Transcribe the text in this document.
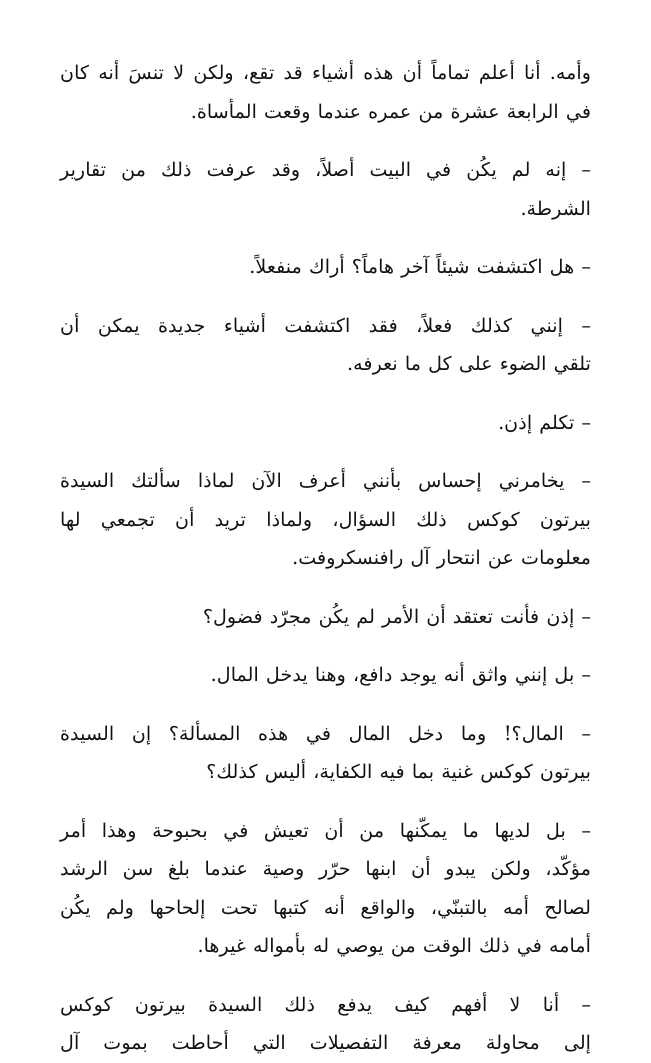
وأمه. أنا أعلم تماماً أن هذه أشياء قد تقع، ولكن لا تنسَ أنه كان
في الرابعة عشرة من عمره عندما وقعت المأساة.

– إنه لم يكُن في البيت أصلاً، وقد عرفت ذلك من تقارير
الشرطة.

– هل اكتشفت شيئاً آخر هاماً؟ أراك منفعلاً.

– إنني كذلك فعلاً، فقد اكتشفت أشياء جديدة يمكن أن
تلقي الضوء على كل ما نعرفه.

– تكلم إذن.

– يخامرني إحساس بأنني أعرف الآن لماذا سألتك السيدة
بيرتون كوكس ذلك السؤال، ولماذا تريد أن تجمعي لها
معلومات عن انتحار آل رافنسكروفت.

– إذن فأنت تعتقد أن الأمر لم يكُن مجرّد فضول؟

– بل إنني واثق أنه يوجد دافع، وهنا يدخل المال.

– المال؟! وما دخل المال في هذه المسألة؟ إن السيدة
بيرتون كوكس غنية بما فيه الكفاية، أليس كذلك؟

– بل لديها ما يمكّنها من أن تعيش في بحبوحة وهذا أمر
مؤكّد، ولكن يبدو أن ابنها حرّر وصية عندما بلغ سن الرشد
لصالح أمه بالتبنّي، والواقع أنه كتبها تحت إلحاحها ولم يكُن
أمامه في ذلك الوقت من يوصي له بأمواله غيرها.

– أنا لا أفهم كيف يدفع ذلك السيدة بيرتون كوكس
إلى محاولة معرفة التفصيلات التي أحاطت بموت آل
